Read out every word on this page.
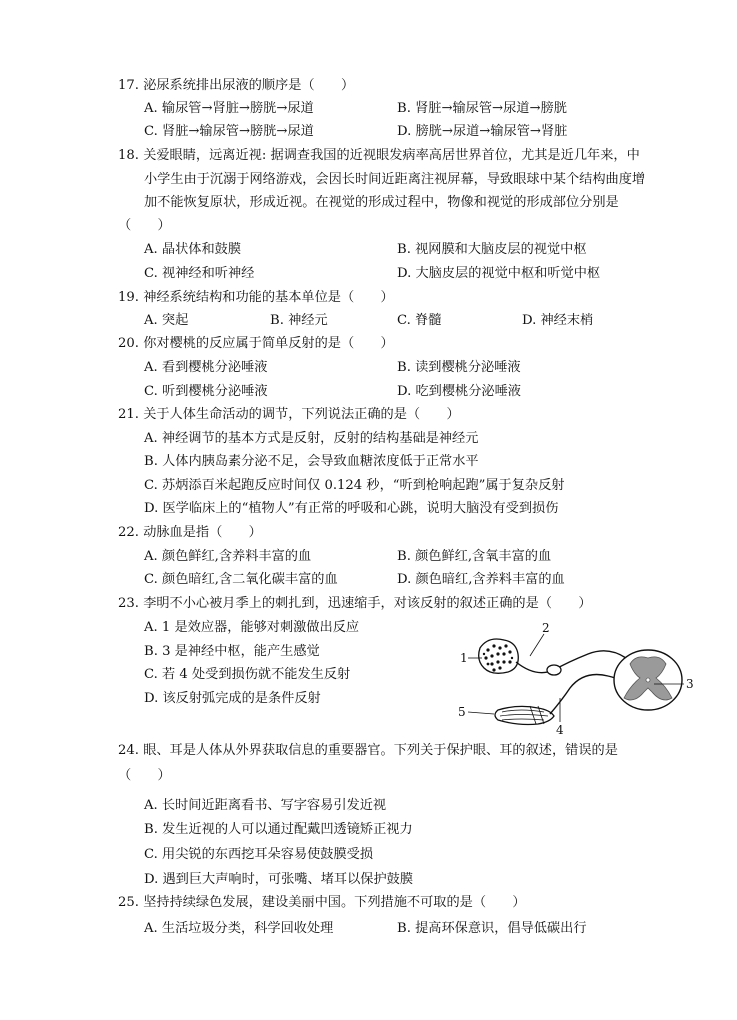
17. 泌尿系统排出尿液的顺序是（　　）
A. 输尿管→肾脏→膀胱→尿道	B. 肾脏→输尿管→尿道→膀胱
C. 肾脏→输尿管→膀胱→尿道	D. 膀胱→尿道→输尿管→肾脏
18. 关爱眼睛，远离近视: 据调查我国的近视眼发病率高居世界首位，尤其是近几年来，中
小学生由于沉溺于网络游戏，会因长时间近距离注视屏幕，导致眼球中某个结构曲度增
加不能恢复原状，形成近视。在视觉的形成过程中，物像和视觉的形成部位分别是
（　　）
A. 晶状体和鼓膜	B. 视网膜和大脑皮层的视觉中枢
C. 视神经和听神经	D. 大脑皮层的视觉中枢和听觉中枢
19. 神经系统结构和功能的基本单位是（　　）
A. 突起	B. 神经元	C. 脊髓	D. 神经末梢
20. 你对樱桃的反应属于简单反射的是（　　）
A. 看到樱桃分泌唾液	B. 读到樱桃分泌唾液
C. 听到樱桃分泌唾液	D. 吃到樱桃分泌唾液
21. 关于人体生命活动的调节，下列说法正确的是（　　）
A. 神经调节的基本方式是反射，反射的结构基础是神经元
B. 人体内胰岛素分泌不足，会导致血糖浓度低于正常水平
C. 苏炳添百米起跑反应时间仅 0.124 秒，“听到枪响起跑”属于复杂反射
D. 医学临床上的“植物人”有正常的呼吸和心跳，说明大脑没有受到损伤
22. 动脉血是指（　　）
A. 颜色鲜红,含养料丰富的血	B. 颜色鲜红,含氧丰富的血
C. 颜色暗红,含二氧化碳丰富的血	D. 颜色暗红,含养料丰富的血
23. 李明不小心被月季上的刺扎到，迅速缩手，对该反射的叙述正确的是（　　）
A. 1 是效应器，能够对刺激做出反应
B. 3 是神经中枢，能产生感觉
C. 若 4 处受到损伤就不能发生反射
D. 该反射弧完成的是条件反射
1
2
3
4
5
24. 眼、耳是人体从外界获取信息的重要器官。下列关于保护眼、耳的叙述，错误的是
（　　）
A. 长时间近距离看书、写字容易引发近视
B. 发生近视的人可以通过配戴凹透镜矫正视力
C. 用尖锐的东西挖耳朵容易使鼓膜受损
D. 遇到巨大声响时，可张嘴、堵耳以保护鼓膜
25. 坚持持续绿色发展，建设美丽中国。下列措施不可取的是（　　）
A. 生活垃圾分类，科学回收处理	B. 提高环保意识，倡导低碳出行
